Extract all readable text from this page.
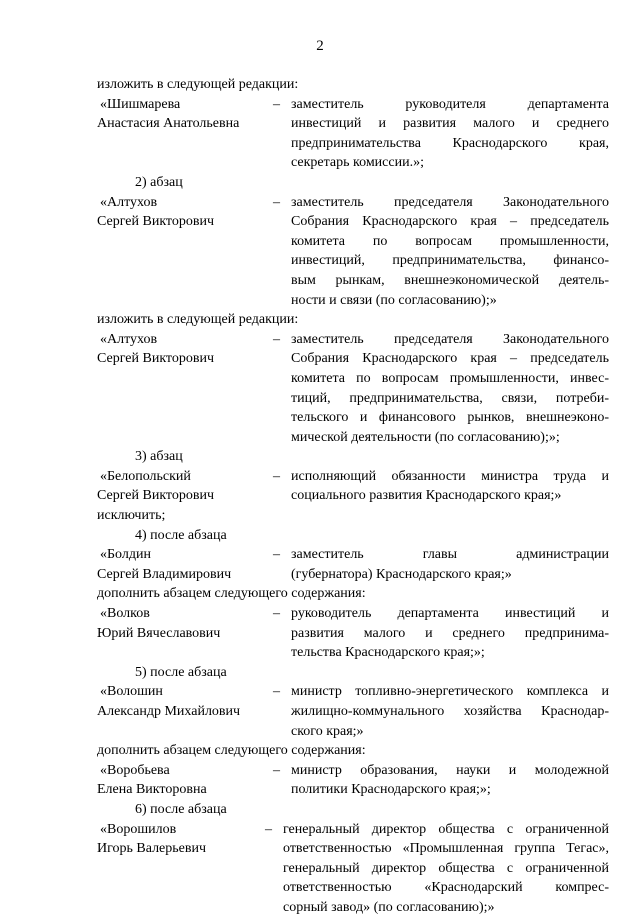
2
изложить в следующей редакции:
«Шишмарева
Анастасия Анатольевна
– заместитель руководителя департамента
инвестиций и развития малого и среднего
предпринимательства Краснодарского края,
секретарь комиссии.»;
2) абзац
«Алтухов
Сергей Викторович
– заместитель председателя Законодательного
Собрания Краснодарского края – председатель
комитета по вопросам промышленности,
инвестиций, предпринимательства, финансо-
вым рынкам, внешнеэкономической деятель-
ности и связи (по согласованию);»
изложить в следующей редакции:
«Алтухов
Сергей Викторович
– заместитель председателя Законодательного
Собрания Краснодарского края – председатель
комитета по вопросам промышленности, инвес-
тиций, предпринимательства, связи, потреби-
тельского и финансового рынков, внешнеэконо-
мической деятельности (по согласованию);»;
3) абзац
«Белопольский
Сергей Викторович
– исполняющий обязанности министра труда и
социального развития Краснодарского края;»
исключить;
4) после абзаца
«Болдин
Сергей Владимирович
– заместитель главы администрации
(губернатора) Краснодарского края;»
дополнить абзацем следующего содержания:
«Волков
Юрий Вячеславович
– руководитель департамента инвестиций и
развития малого и среднего предпринима-
тельства Краснодарского края;»;
5) после абзаца
«Волошин
Александр Михайлович
– министр топливно-энергетического комплекса и
жилищно-коммунального хозяйства Краснодар-
ского края;»
дополнить абзацем следующего содержания:
«Воробьева
Елена Викторовна
– министр образования, науки и молодежной
политики Краснодарского края;»;
6) после абзаца
«Ворошилов
Игорь Валерьевич
– генеральный директор общества с ограниченной
ответственностью «Промышленная группа Тегас»,
генеральный директор общества с ограниченной
ответственностью «Краснодарский компрес-
сорный завод» (по согласованию);»
